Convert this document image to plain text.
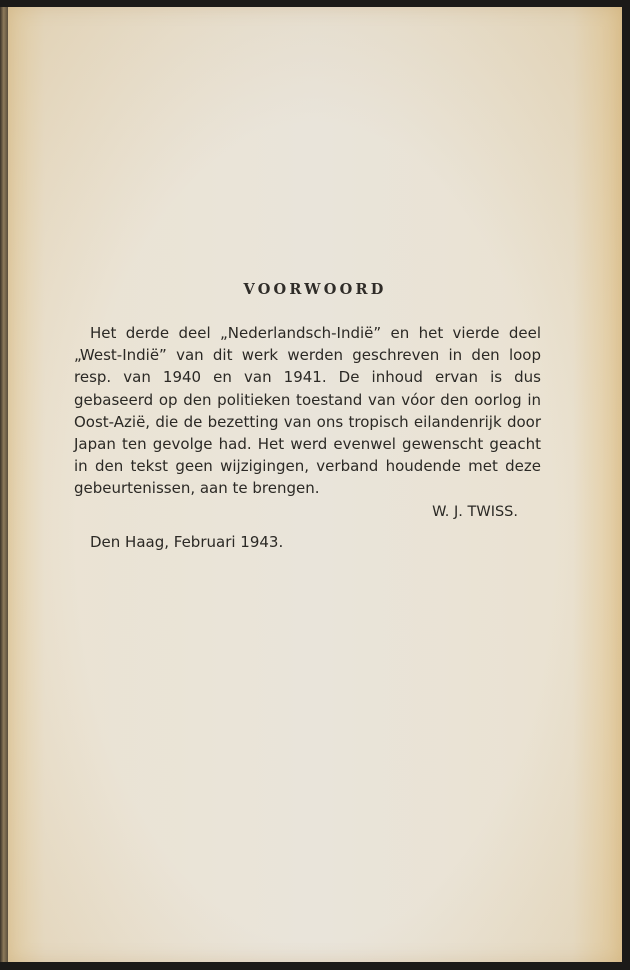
VOORWOORD

Het derde deel „Nederlandsch-Indië” en het vierde deel „West-Indië” van dit werk werden geschreven in den loop resp. van 1940 en van 1941. De inhoud ervan is dus gebaseerd op den politieken toestand van vóor den oorlog in Oost-Azië, die de bezetting van ons tropisch eilandenrijk door Japan ten gevolge had. Het werd evenwel gewenscht geacht in den tekst geen wijzigingen, verband houdende met deze gebeurtenissen, aan te brengen.

W. J. TWISS.

Den Haag, Februari 1943.
